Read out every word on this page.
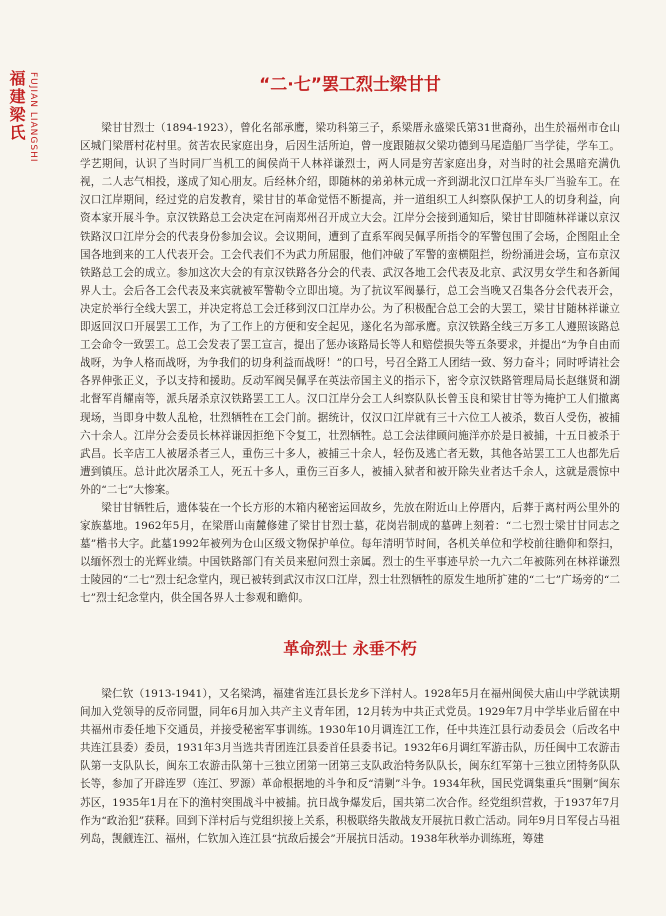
福建梁氏 FUJIAN LIANGSHI	“二·七”罢工烈士梁甘甘

梁甘甘烈士（1894-1923），曾化名部承鹰，梁功科第三子，系梁厝永盛梁氏第31世裔孙，出生於福州市仓山区城门梁厝村花村里。贫苦农民家庭出身，后因生活所迫，曾一度跟随叔父梁功德到马尾造船厂当学徒，学车工。学艺期间，认识了当时同厂当机工的闽侯尚干人林祥谦烈士，两人同是穷苦家庭出身，对当时的社会黑暗充满仇视，二人志气相投，遂成了知心朋友。后经林介绍，即随林的弟弟林元成一齐到湖北汉口江岸车头厂当验车工。在汉口江岸期间，经过党的启发教育，梁甘甘的革命觉悟不断提高，并一道组织工人纠察队保护工人的切身利益，向资本家开展斗争。京汉铁路总工会决定在河南郑州召开成立大会。江岸分会接到通知后，梁甘甘即随林祥谦以京汉铁路汉口江岸分会的代表身份参加会议。会议期间，遭到了直系军阀吴佩孚所指令的军警包围了会场，企图阻止全国各地到来的工人代表开会。工会代表们不为武力所屈服，他们冲破了军警的蛮横阻拦，纷纷涌进会场，宣布京汉铁路总工会的成立。参加这次大会的有京汉铁路各分会的代表、武汉各地工会代表及北京、武汉男女学生和各新闻界人士。会后各工会代表及来宾就被军警勒令立即出境。为了抗议军阀暴行，总工会当晚又召集各分会代表开会，决定於举行全线大罢工，并决定将总工会迁移到汉口江岸办公。为了积极配合总工会的大罢工，梁甘甘随林祥谦立即返回汉口开展罢工工作，为了工作上的方便和安全起见，遂化名为部承鹰。京汉铁路全线三万多工人遵照该路总工会命令一致罢工。总工会发表了罢工宣言，提出了惩办该路局长等人和赔偿损失等五条要求，并提出“为争自由而战呀，为争人格而战呀，为争我们的切身利益而战呀！”的口号，号召全路工人团结一致、努力奋斗；同时呼请社会各界伸张正义，予以支持和援助。反动军阀吴佩孚在英法帝国主义的指示下，密令京汉铁路管理局局长赵继贤和湖北督军肖耀南等，派兵屠杀京汉铁路罢工工人。汉口江岸分会工人纠察队队长曾玉良和梁甘甘等为掩护工人们撤离现场，当即身中数人乱枪，壮烈牺牲在工会门前。据统计，仅汉口江岸就有三十六位工人被杀，数百人受伤，被捕六十余人。江岸分会委员长林祥谦因拒绝下令复工，壮烈牺牲。总工会法律顾问施洋亦於是日被捕，十五日被杀于武昌。长辛店工人被屠杀者三人，重伤三十多人，被捕三十余人，轻伤及逃亡者无数，其他各站罢工工人也都先后遭到镇压。总计此次屠杀工人，死五十多人，重伤三百多人，被捕入狱者和被开除失业者达千余人，这就是震惊中外的“二七”大惨案。

梁甘甘牺牲后，遗体装在一个长方形的木箱内秘密运回故乡，先放在附近山上停厝内，后葬于离村两公里外的家族墓地。1962年5月，在梁厝山南麓修建了梁甘甘烈士墓，花岗岩制成的墓碑上刻着：“二七烈士梁甘甘同志之墓”楷书大字。此墓1992年被列为仓山区级文物保护单位。每年清明节时间，各机关单位和学校前往瞻仰和祭扫，以缅怀烈士的光辉业绩。中国铁路部门有关员来慰问烈士亲属。烈士的生平事迹早於一九六二年被陈列在林祥谦烈士陵园的“二七”烈士纪念堂内，现已被转到武汉市汉口江岸，烈士壮烈牺牲的原发生地所扩建的“二七”广场旁的“二七”烈士纪念堂内，供全国各界人士参观和瞻仰。

革命烈士 永垂不朽

梁仁钦（1913-1941），又名梁鸿，福建省连江县长龙乡下洋村人。1928年5月在福州闽侯大庙山中学就读期间加入党领导的反帝同盟，同年6月加入共产主义青年团，12月转为中共正式党员。1929年7月中学毕业后留在中共福州市委任地下交通员，并接受秘密军事训练。1930年10月调连江工作，任中共连江县行动委员会（后改名中共连江县委）委员，1931年3月当选共青团连江县委首任县委书记。1932年6月调红军游击队，历任闽中工农游击队第一支队队长，闽东工农游击队第十三独立团第一团第三支队政治特务队队长，闽东红军第十三独立团特务队队长等，参加了开辟连罗（连江、罗源）革命根据地的斗争和反“清剿”斗争。1934年秋，国民党调集重兵“围剿”闽东苏区，1935年1月在下的渔村突围战斗中被捕。抗日战争爆发后，国共第二次合作。经党组织营救，于1937年7月作为“政治犯”获释。回到下洋村后与党组织接上关系，积极联络失散战友开展抗日救亡活动。同年9月日军侵占马祖列岛，觊觎连江、福州，仁钦加入连江县“抗敌后援会”开展抗日活动。1938年秋举办训练班，筹建
